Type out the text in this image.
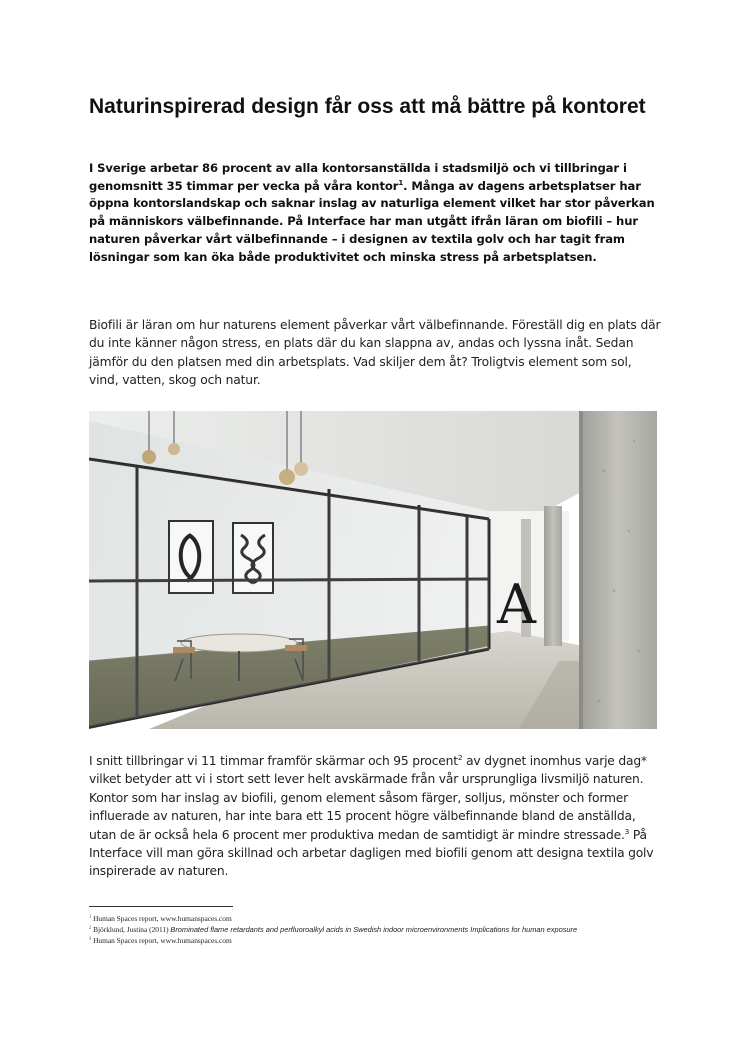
Naturinspirerad design får oss att må bättre på kontoret

I Sverige arbetar 86 procent av alla kontorsanställda i stadsmiljö och vi tillbringar i genomsnitt 35 timmar per vecka på våra kontor$^1$. Många av dagens arbetsplatser har öppna kontorslandskap och saknar inslag av naturliga element vilket har stor påverkan på människors välbefinnande. På Interface har man utgått ifrån läran om biofili – hur naturen påverkar vårt välbefinnande – i designen av textila golv och har tagit fram lösningar som kan öka både produktivitet och minska stress på arbetsplatsen.

Biofili är läran om hur naturens element påverkar vårt välbefinnande. Föreställ dig en plats där du inte känner någon stress, en plats där du kan slappna av, andas och lyssna inåt. Sedan jämför du den platsen med din arbetsplats. Vad skiljer dem åt? Troligtvis element som sol, vind, vatten, skog och natur.

A

I snitt tillbringar vi 11 timmar framför skärmar och 95 procent$^2$ av dygnet inomhus varje dag* vilket betyder att vi i stort sett lever helt avskärmade från vår ursprungliga livsmiljö naturen. Kontor som har inslag av biofili, genom element såsom färger, solljus, mönster och former influerade av naturen, har inte bara ett 15 procent högre välbefinnande bland de anställda, utan de är också hela 6 procent mer produktiva medan de samtidigt är mindre stressade.$^3$ På Interface vill man göra skillnad och arbetar dagligen med biofili genom att designa textila golv inspirerade av naturen.

$^1$ Human Spaces report, www.humanspaces.com

$^2$ Björklund, Justina (2011) Brominated flame retardants and perfluoroalkyl acids in Swedish indoor microenvironments Implications for human exposure

$^3$ Human Spaces report, www.humanspaces.com
